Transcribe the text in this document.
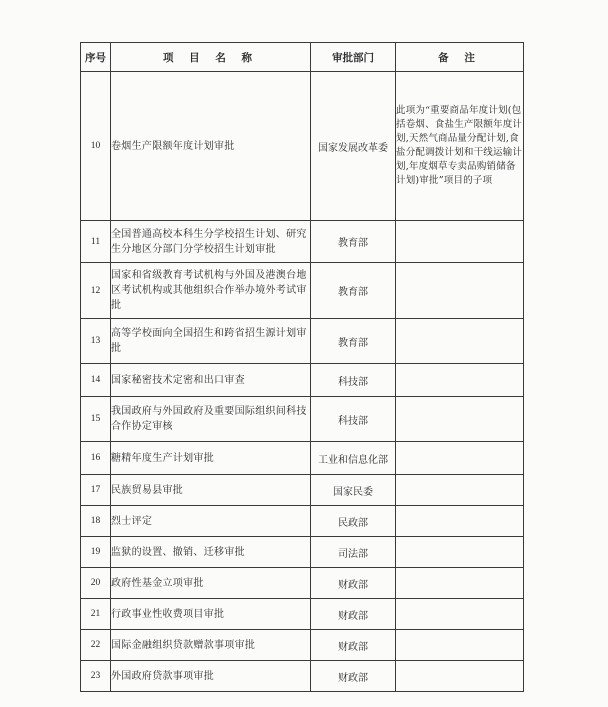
序号	项 目 名 称	审批部门	备 注
10	卷烟生产限额年度计划审批	国家发展改革委	此项为“重要商品年度计划(包括卷烟、食盐生产限额年度计划,天然气商品量分配计划,食盐分配调拨计划和干线运输计划,年度烟草专卖品购销储备计划)审批”项目的子项
11	全国普通高校本科生分学校招生计划、研究生分地区分部门分学校招生计划审批	教育部	
12	国家和省级教育考试机构与外国及港澳台地区考试机构或其他组织合作举办境外考试审批	教育部	
13	高等学校面向全国招生和跨省招生源计划审批	教育部	
14	国家秘密技术定密和出口审查	科技部	
15	我国政府与外国政府及重要国际组织间科技合作协定审核	科技部	
16	糖精年度生产计划审批	工业和信息化部	
17	民族贸易县审批	国家民委	
18	烈士评定	民政部	
19	监狱的设置、撤销、迁移审批	司法部	
20	政府性基金立项审批	财政部	
21	行政事业性收费项目审批	财政部	
22	国际金融组织贷款赠款事项审批	财政部	
23	外国政府贷款事项审批	财政部	
